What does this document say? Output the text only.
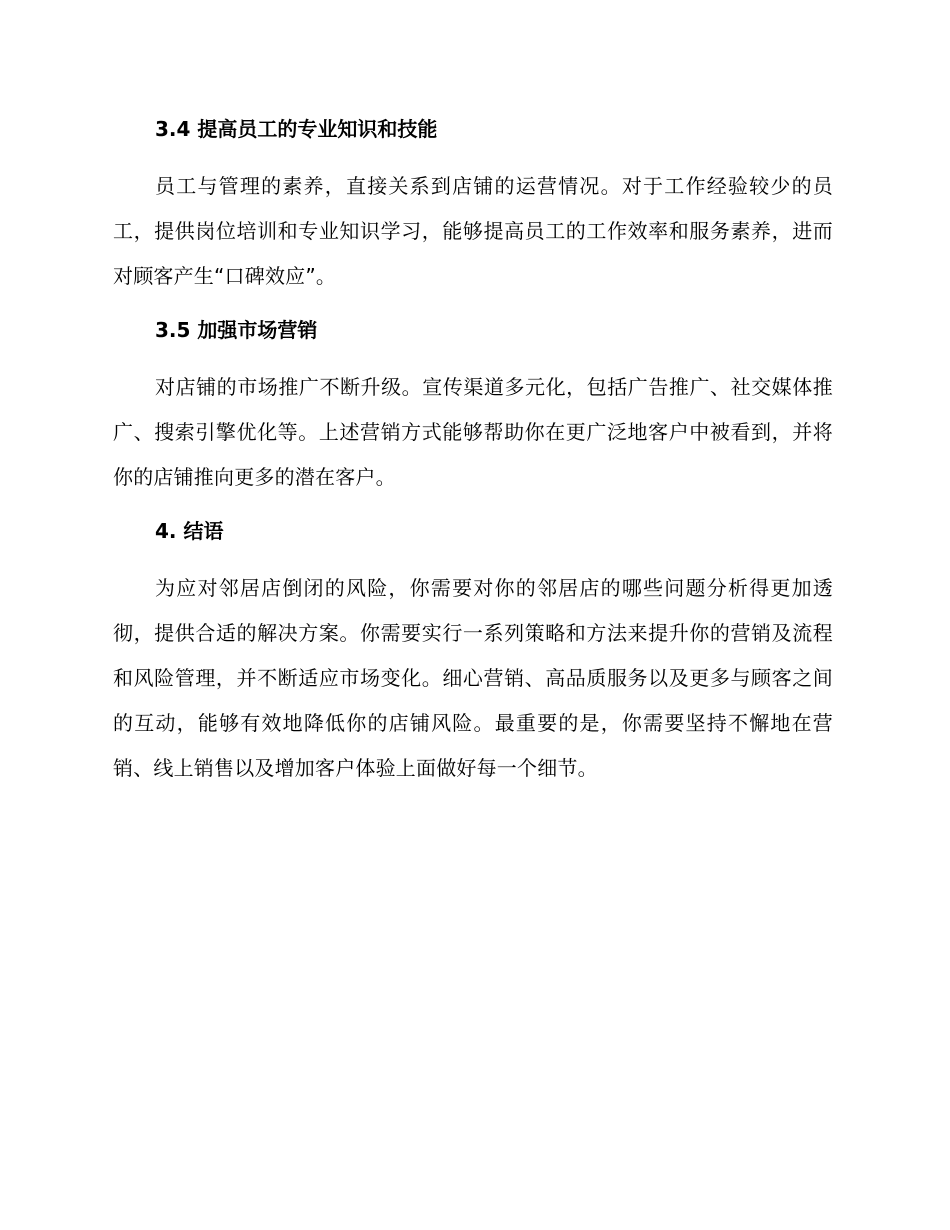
3.4 提高员工的专业知识和技能

员工与管理的素养，直接关系到店铺的运营情况。对于工作经验较少的员工，提供岗位培训和专业知识学习，能够提高员工的工作效率和服务素养，进而对顾客产生“口碑效应”。

3.5 加强市场营销

对店铺的市场推广不断升级。宣传渠道多元化，包括广告推广、社交媒体推广、搜索引擎优化等。上述营销方式能够帮助你在更广泛地客户中被看到，并将你的店铺推向更多的潜在客户。

4. 结语

为应对邻居店倒闭的风险，你需要对你的邻居店的哪些问题分析得更加透彻，提供合适的解决方案。你需要实行一系列策略和方法来提升你的营销及流程和风险管理，并不断适应市场变化。细心营销、高品质服务以及更多与顾客之间的互动，能够有效地降低你的店铺风险。最重要的是，你需要坚持不懈地在营销、线上销售以及增加客户体验上面做好每一个细节。
